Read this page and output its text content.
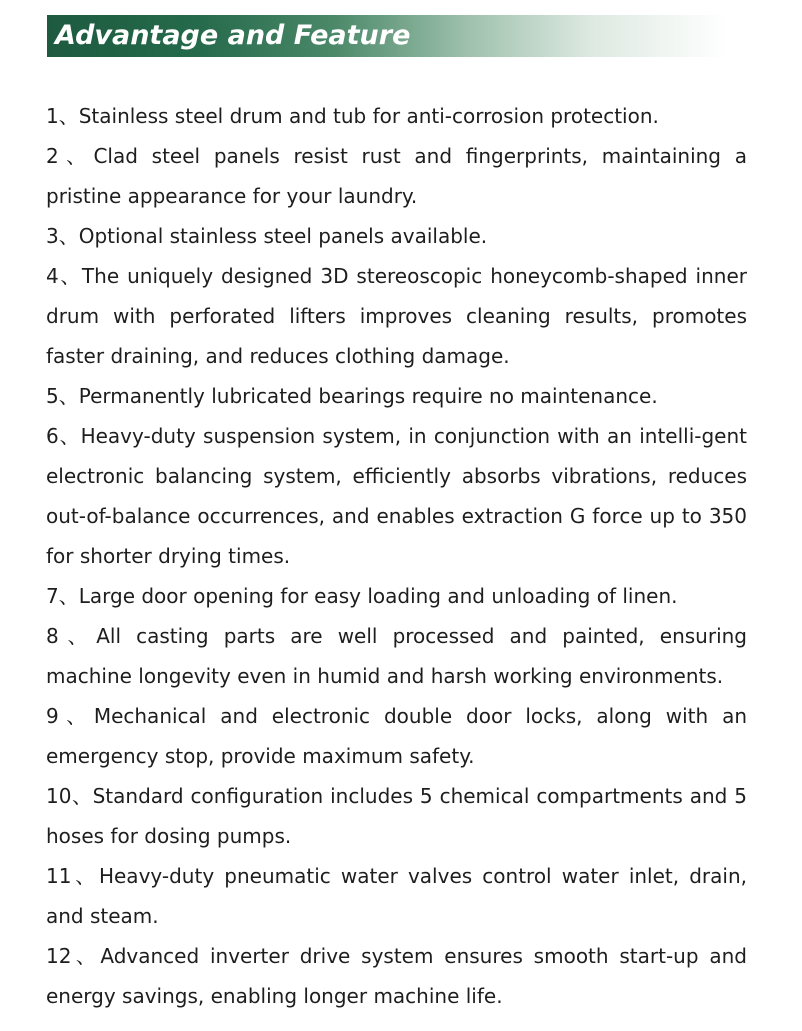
Advantage and Feature
1、Stainless steel drum and tub for anti-corrosion protection.
2、Clad steel panels resist rust and fingerprints, maintaining a pristine appearance for your laundry.
3、Optional stainless steel panels available.
4、The uniquely designed 3D stereoscopic honeycomb-shaped inner drum with perforated lifters improves cleaning results, promotes faster draining, and reduces clothing damage.
5、Permanently lubricated bearings require no maintenance.
6、Heavy-duty suspension system, in conjunction with an intelli-gent electronic balancing system, efficiently absorbs vibrations, reduces out-of-balance occurrences, and enables extraction G force up to 350 for shorter drying times.
7、Large door opening for easy loading and unloading of linen.
8、All casting parts are well processed and painted, ensuring machine longevity even in humid and harsh working environments.
9、Mechanical and electronic double door locks, along with an emergency stop, provide maximum safety.
10、Standard configuration includes 5 chemical compartments and 5 hoses for dosing pumps.
11、Heavy-duty pneumatic water valves control water inlet, drain, and steam.
12、Advanced inverter drive system ensures smooth start-up and energy savings, enabling longer machine life.
